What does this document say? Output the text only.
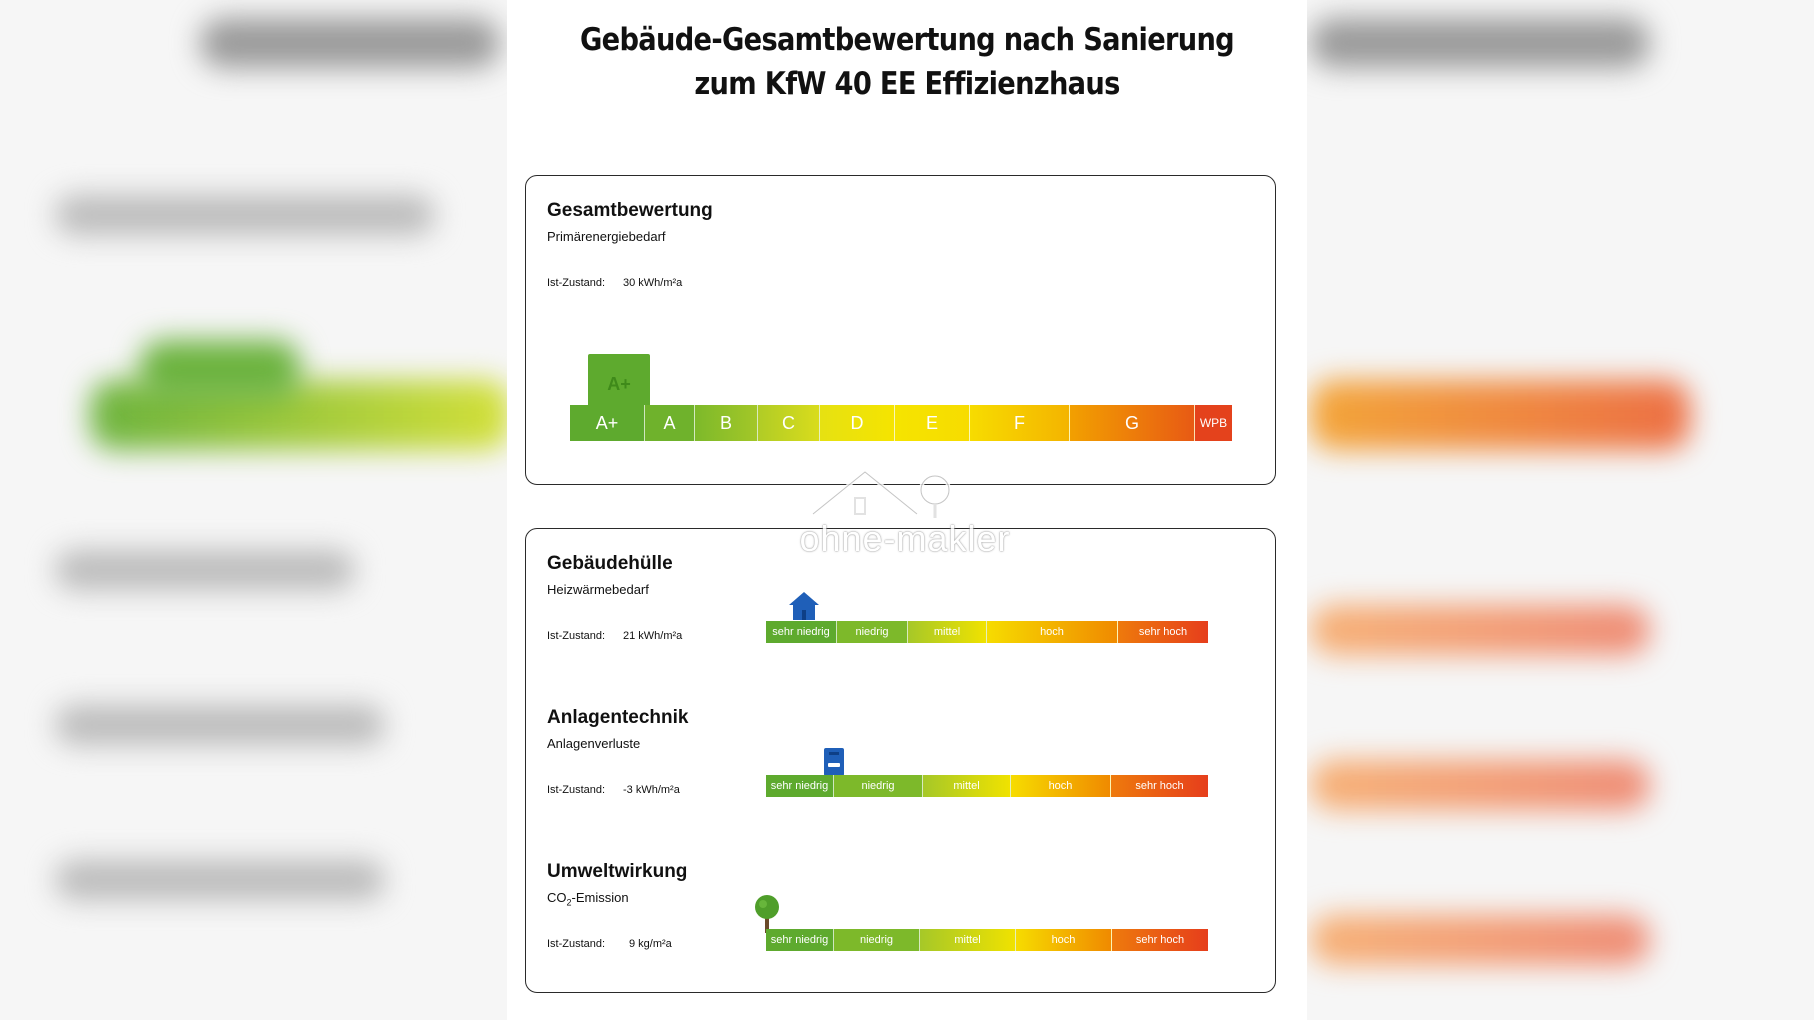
Gebäude-Gesamtbewertung nach Sanierung
zum KfW 40 EE Effizienzhaus
Gesamtbewertung
Primärenergiebedarf
Ist-Zustand: 30 kWh/m²a
A+
A+	A	B	C	D	E	F	G	WPB
Gebäudehülle
Heizwärmebedarf
Ist-Zustand: 21 kWh/m²a	sehr niedrig	niedrig	mittel	hoch	sehr hoch
Anlagentechnik
Anlagenverluste
Ist-Zustand: -3 kWh/m²a	sehr niedrig	niedrig	mittel	hoch	sehr hoch
Umweltwirkung
$CO_2$-Emission
Ist-Zustand: 9 kg/m²a	sehr niedrig	niedrig	mittel	hoch	sehr hoch
ohne-makler
